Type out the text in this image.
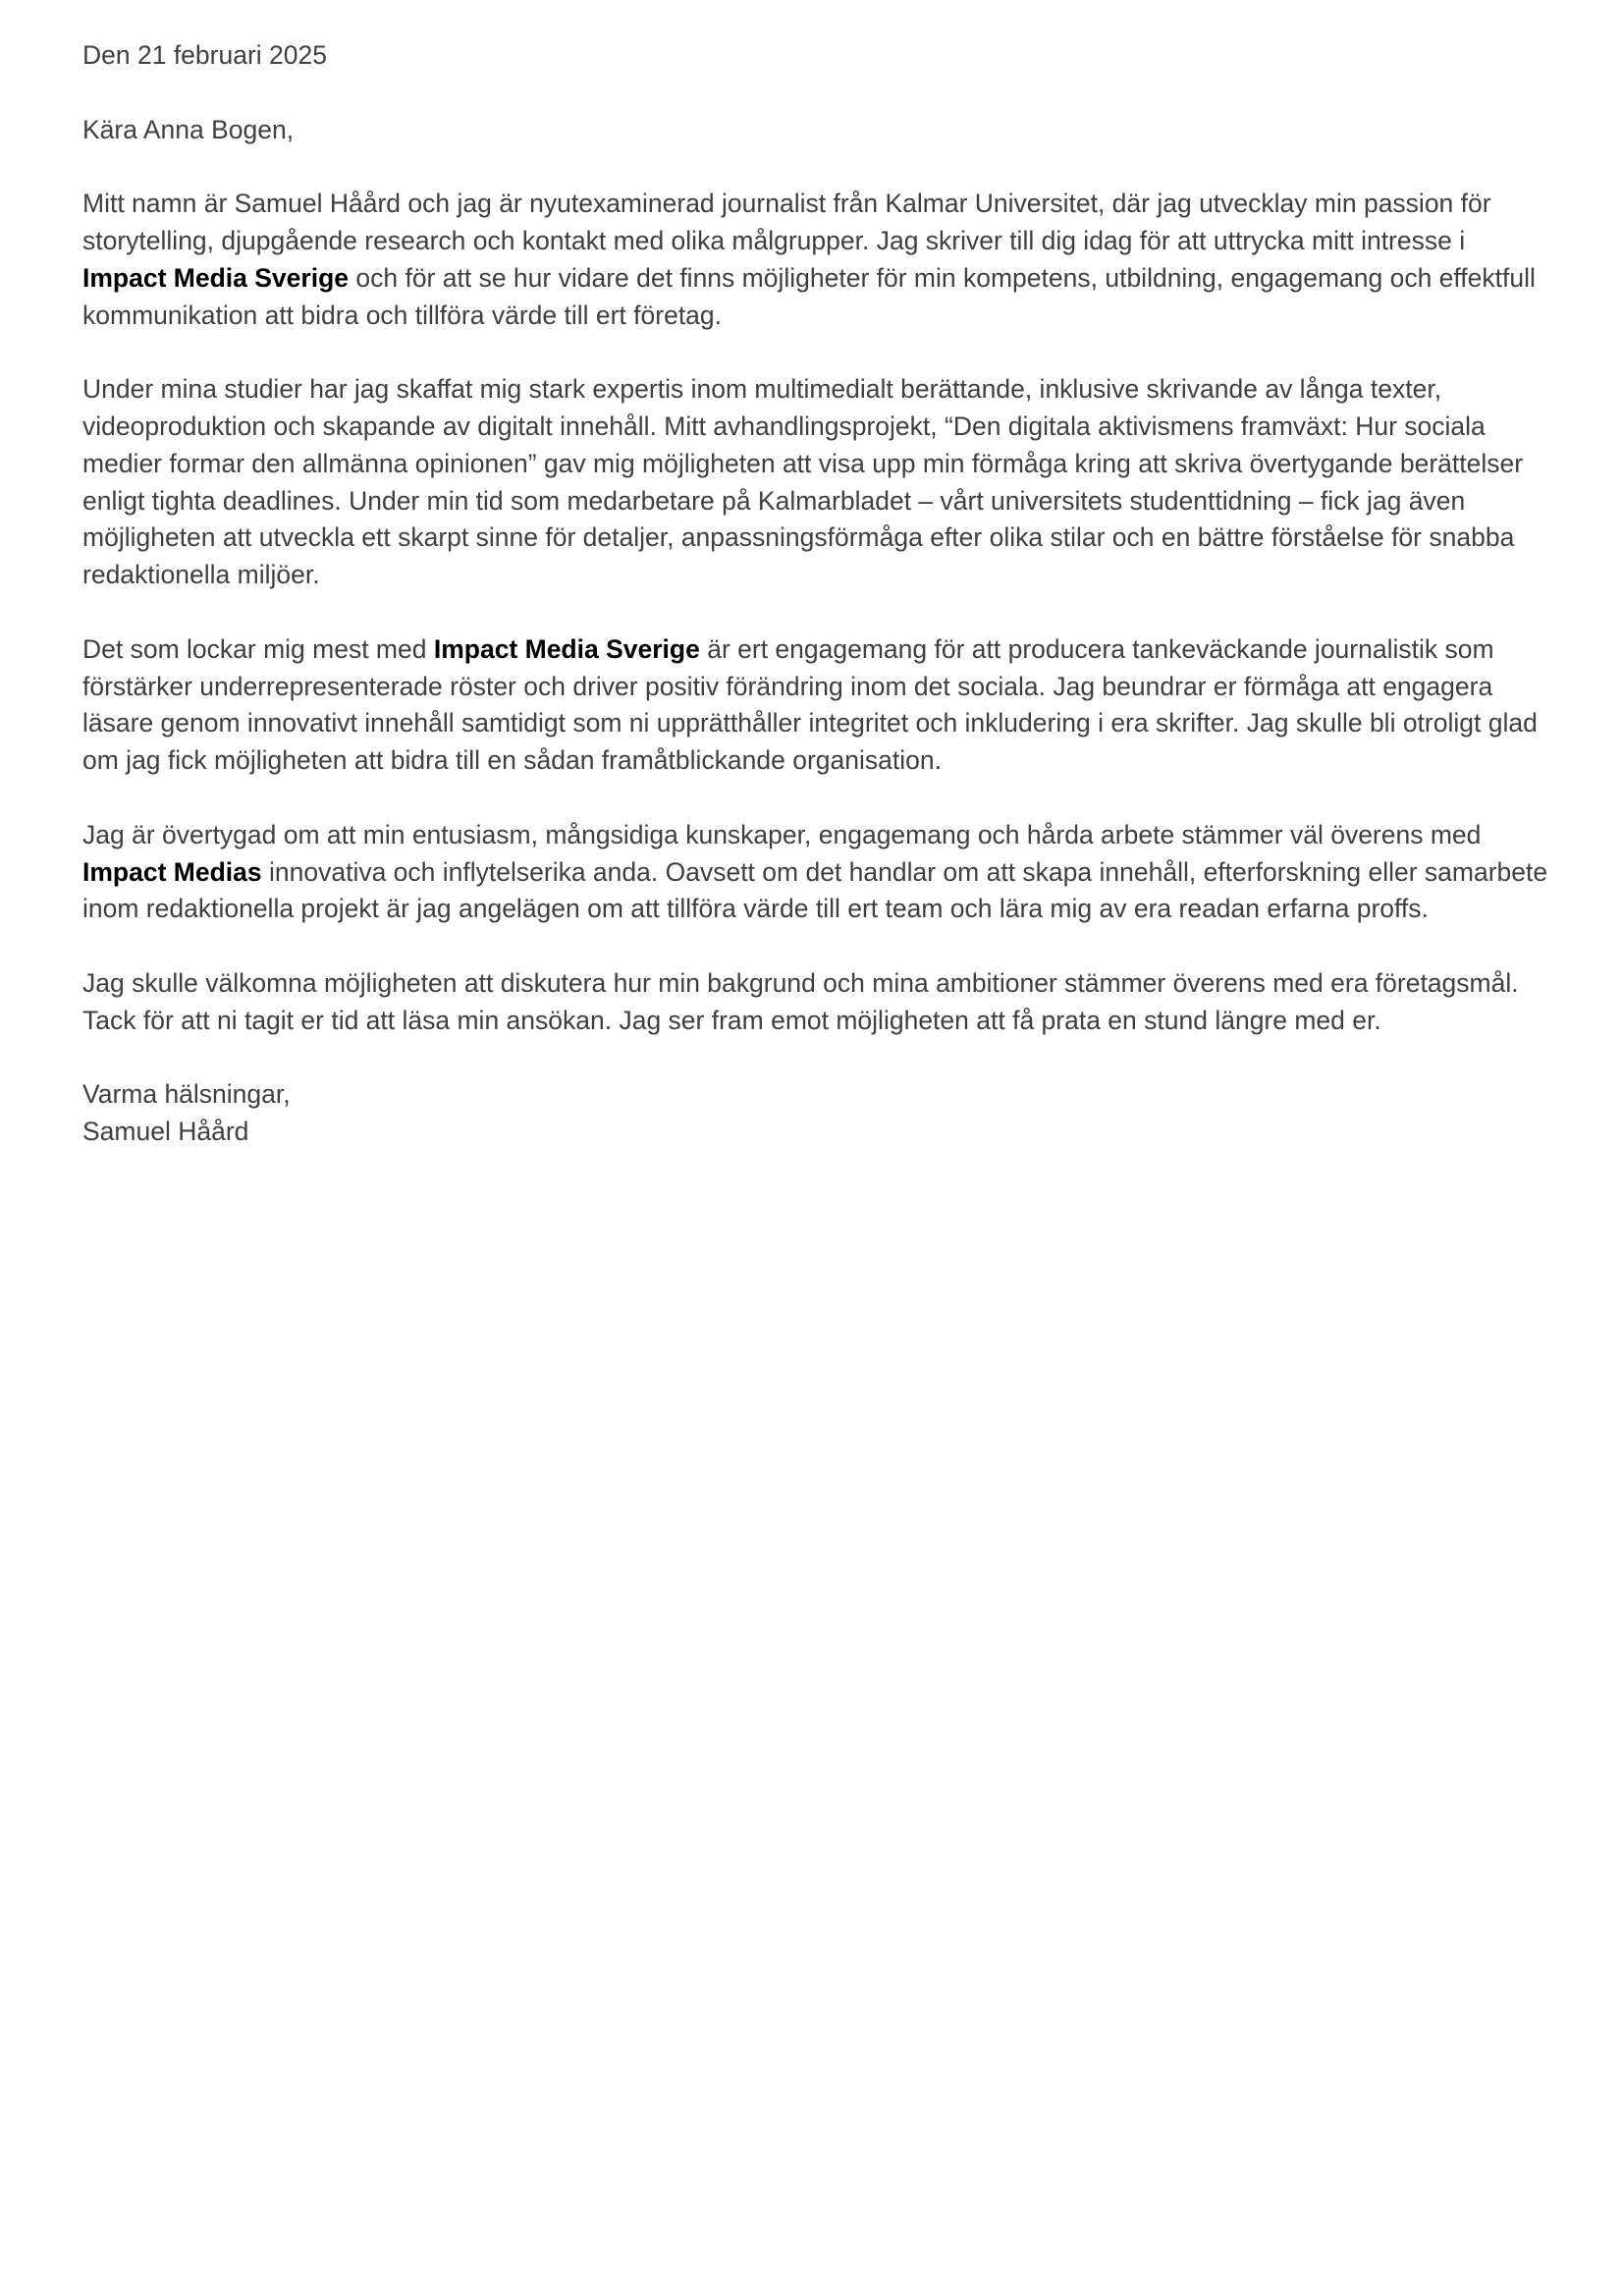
Den 21 februari 2025

Kära Anna Bogen,

Mitt namn är Samuel Håård och jag är nyutexaminerad journalist från Kalmar Universitet, där jag utvecklay min passion för storytelling, djupgående research och kontakt med olika målgrupper. Jag skriver till dig idag för att uttrycka mitt intresse i Impact Media Sverige och för att se hur vidare det finns möjligheter för min kompetens, utbildning, engagemang och effektfull kommunikation att bidra och tillföra värde till ert företag.

Under mina studier har jag skaffat mig stark expertis inom multimedialt berättande, inklusive skrivande av långa texter, videoproduktion och skapande av digitalt innehåll. Mitt avhandlingsprojekt, “Den digitala aktivismens framväxt: Hur sociala medier formar den allmänna opinionen” gav mig möjligheten att visa upp min förmåga kring att skriva övertygande berättelser enligt tighta deadlines. Under min tid som medarbetare på Kalmarbladet – vårt universitets studenttidning – fick jag även möjligheten att utveckla ett skarpt sinne för detaljer, anpassningsförmåga efter olika stilar och en bättre förståelse för snabba redaktionella miljöer.

Det som lockar mig mest med Impact Media Sverige är ert engagemang för att producera tankeväckande journalistik som förstärker underrepresenterade röster och driver positiv förändring inom det sociala. Jag beundrar er förmåga att engagera läsare genom innovativt innehåll samtidigt som ni upprätthåller integritet och inkludering i era skrifter. Jag skulle bli otroligt glad om jag fick möjligheten att bidra till en sådan framåtblickande organisation.

Jag är övertygad om att min entusiasm, mångsidiga kunskaper, engagemang och hårda arbete stämmer väl överens med Impact Medias innovativa och inflytelserika anda. Oavsett om det handlar om att skapa innehåll, efterforskning eller samarbete inom redaktionella projekt är jag angelägen om att tillföra värde till ert team och lära mig av era readan erfarna proffs.

Jag skulle välkomna möjligheten att diskutera hur min bakgrund och mina ambitioner stämmer överens med era företagsmål. Tack för att ni tagit er tid att läsa min ansökan. Jag ser fram emot möjligheten att få prata en stund längre med er.

Varma hälsningar,

Samuel Håård
